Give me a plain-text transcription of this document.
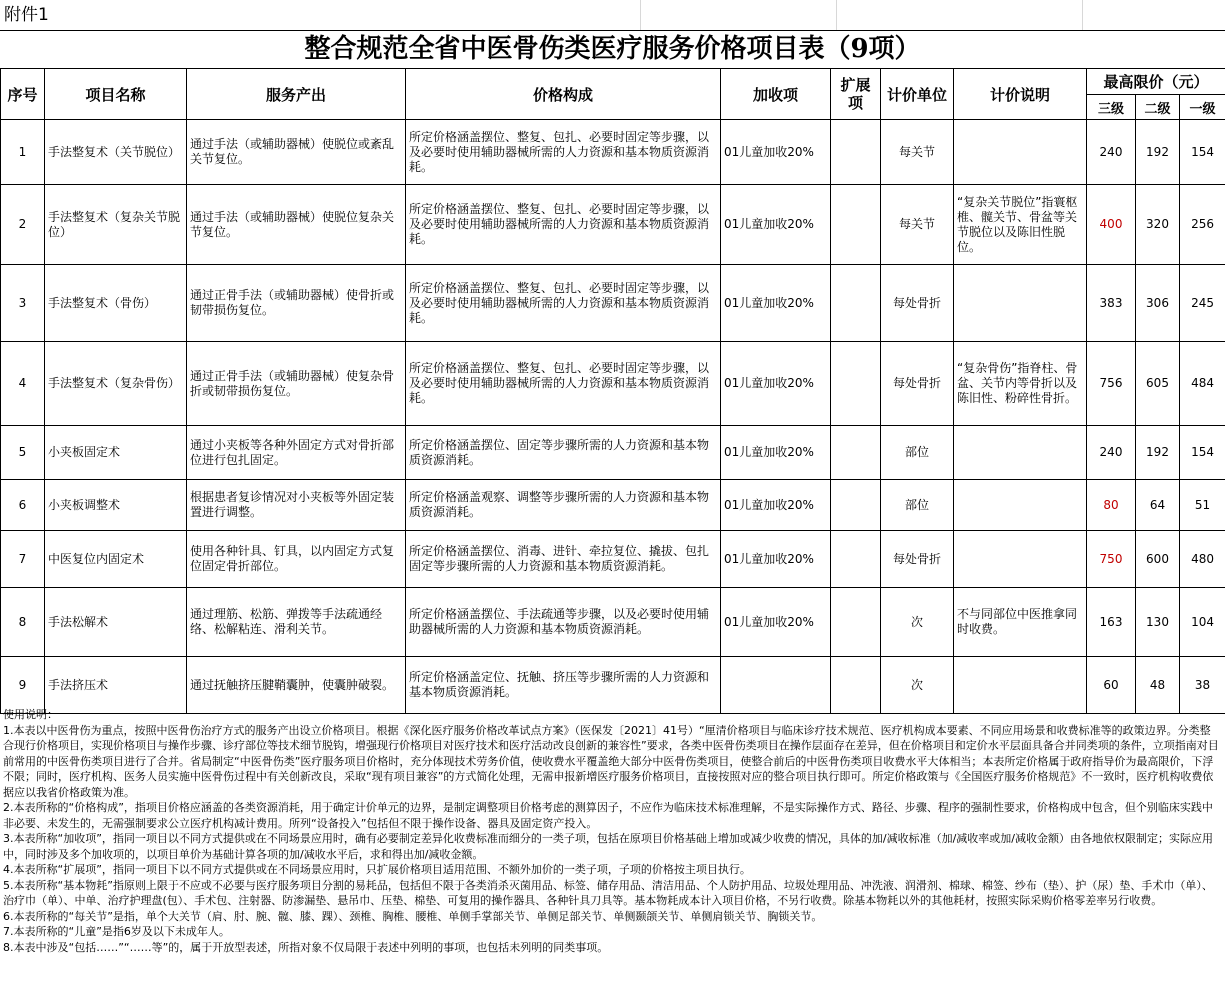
附件1
整合规范全省中医骨伤类医疗服务价格项目表（9项）
序号	项目名称	服务产出	价格构成	加收项	扩展项	计价单位	计价说明	最高限价（元）		
								三级	二级	一级
1	手法整复术（关节脱位）	通过手法（或辅助器械）使脱位或紊乱关节复位。	所定价格涵盖摆位、整复、包扎、必要时固定等步骤，以及必要时使用辅助器械所需的人力资源和基本物质资源消耗。	01儿童加收20%		每关节		240	192	154
2	手法整复术（复杂关节脱位）	通过手法（或辅助器械）使脱位复杂关节复位。	所定价格涵盖摆位、整复、包扎、必要时固定等步骤，以及必要时使用辅助器械所需的人力资源和基本物质资源消耗。	01儿童加收20%		每关节	“复杂关节脱位”指寰枢椎、髋关节、骨盆等关节脱位以及陈旧性脱位。	400	320	256
3	手法整复术（骨伤）	通过正骨手法（或辅助器械）使骨折或韧带损伤复位。	所定价格涵盖摆位、整复、包扎、必要时固定等步骤，以及必要时使用辅助器械所需的人力资源和基本物质资源消耗。	01儿童加收20%		每处骨折		383	306	245
4	手法整复术（复杂骨伤）	通过正骨手法（或辅助器械）使复杂骨折或韧带损伤复位。	所定价格涵盖摆位、整复、包扎、必要时固定等步骤，以及必要时使用辅助器械所需的人力资源和基本物质资源消耗。	01儿童加收20%		每处骨折	“复杂骨伤”指脊柱、骨盆、关节内等骨折以及陈旧性、粉碎性骨折。	756	605	484
5	小夹板固定术	通过小夹板等各种外固定方式对骨折部位进行包扎固定。	所定价格涵盖摆位、固定等步骤所需的人力资源和基本物质资源消耗。	01儿童加收20%		部位		240	192	154
6	小夹板调整术	根据患者复诊情况对小夹板等外固定装置进行调整。	所定价格涵盖观察、调整等步骤所需的人力资源和基本物质资源消耗。	01儿童加收20%		部位		80	64	51
7	中医复位内固定术	使用各种针具、钉具，以内固定方式复位固定骨折部位。	所定价格涵盖摆位、消毒、进针、牵拉复位、撬拔、包扎固定等步骤所需的人力资源和基本物质资源消耗。	01儿童加收20%		每处骨折		750	600	480
8	手法松解术	通过理筋、松筋、弹拨等手法疏通经络、松解粘连、滑利关节。	所定价格涵盖摆位、手法疏通等步骤，以及必要时使用辅助器械所需的人力资源和基本物质资源消耗。	01儿童加收20%		次	不与同部位中医推拿同时收费。	163	130	104
9	手法挤压术	通过抚触挤压腱鞘囊肿，使囊肿破裂。	所定价格涵盖定位、抚触、挤压等步骤所需的人力资源和基本物质资源消耗。			次		60	48	38

使用说明：

1.本表以中医骨伤为重点，按照中医骨伤治疗方式的服务产出设立价格项目。根据《深化医疗服务价格改革试点方案》（医保发〔2021〕41号）“厘清价格项目与临床诊疗技术规范、医疗机构成本要素、不同应用场景和收费标准等的政策边界。分类整合现行价格项目，实现价格项目与操作步骤、诊疗部位等技术细节脱钩，增强现行价格项目对医疗技术和医疗活动改良创新的兼容性”要求，各类中医骨伤类项目在操作层面存在差异，但在价格项目和定价水平层面具备合并同类项的条件，立项指南对目前常用的中医骨伤类项目进行了合并。省局制定“中医骨伤类”医疗服务项目价格时，充分体现技术劳务价值，使收费水平覆盖绝大部分中医骨伤类项目，使整合前后的中医骨伤类项目收费水平大体相当；本表所定价格属于政府指导价为最高限价，下浮不限；同时，医疗机构、医务人员实施中医骨伤过程中有关创新改良，采取“现有项目兼容”的方式简化处理，无需申报新增医疗服务价格项目，直接按照对应的整合项目执行即可。所定价格政策与《全国医疗服务价格规范》不一致时，医疗机构收费依据应以我省价格政策为准。

2.本表所称的“价格构成”，指项目价格应涵盖的各类资源消耗，用于确定计价单元的边界，是制定调整项目价格考虑的测算因子，不应作为临床技术标准理解，不是实际操作方式、路径、步骤、程序的强制性要求，价格构成中包含，但个别临床实践中非必要、未发生的，无需强制要求公立医疗机构减计费用。所列“设备投入”包括但不限于操作设备、器具及固定资产投入。

3.本表所称“加收项”，指同一项目以不同方式提供或在不同场景应用时，确有必要制定差异化收费标准而细分的一类子项，包括在原项目价格基础上增加或减少收费的情况，具体的加/减收标准（加/减收率或加/减收金额）由各地依权限制定；实际应用中，同时涉及多个加收项的，以项目单价为基础计算各项的加/减收水平后，求和得出加/减收金额。

4.本表所称“扩展项”，指同一项目下以不同方式提供或在不同场景应用时，只扩展价格项目适用范围、不额外加价的一类子项，子项的价格按主项目执行。

5.本表所称“基本物耗”指原则上限于不应或不必要与医疗服务项目分割的易耗品，包括但不限于各类消杀灭菌用品、标签、储存用品、清洁用品、个人防护用品、垃圾处理用品、冲洗液、润滑剂、棉球、棉签、纱布（垫）、护（尿）垫、手术巾（单）、治疗巾（单）、中单、治疗护理盘(包）、手术包、注射器、防渗漏垫、悬吊巾、压垫、棉垫、可复用的操作器具、各种针具刀具等。基本物耗成本计入项目价格，不另行收费。除基本物耗以外的其他耗材，按照实际采购价格零差率另行收费。

6.本表所称的“每关节”是指，单个大关节（肩、肘、腕、髋、膝、踝）、颈椎、胸椎、腰椎、单侧手掌部关节、单侧足部关节、单侧颞颌关节、单侧肩锁关节、胸锁关节。

7.本表所称的“儿童”是指6岁及以下未成年人。

8.本表中涉及“包括……”“……等”的，属于开放型表述，所指对象不仅局限于表述中列明的事项，也包括未列明的同类事项。
